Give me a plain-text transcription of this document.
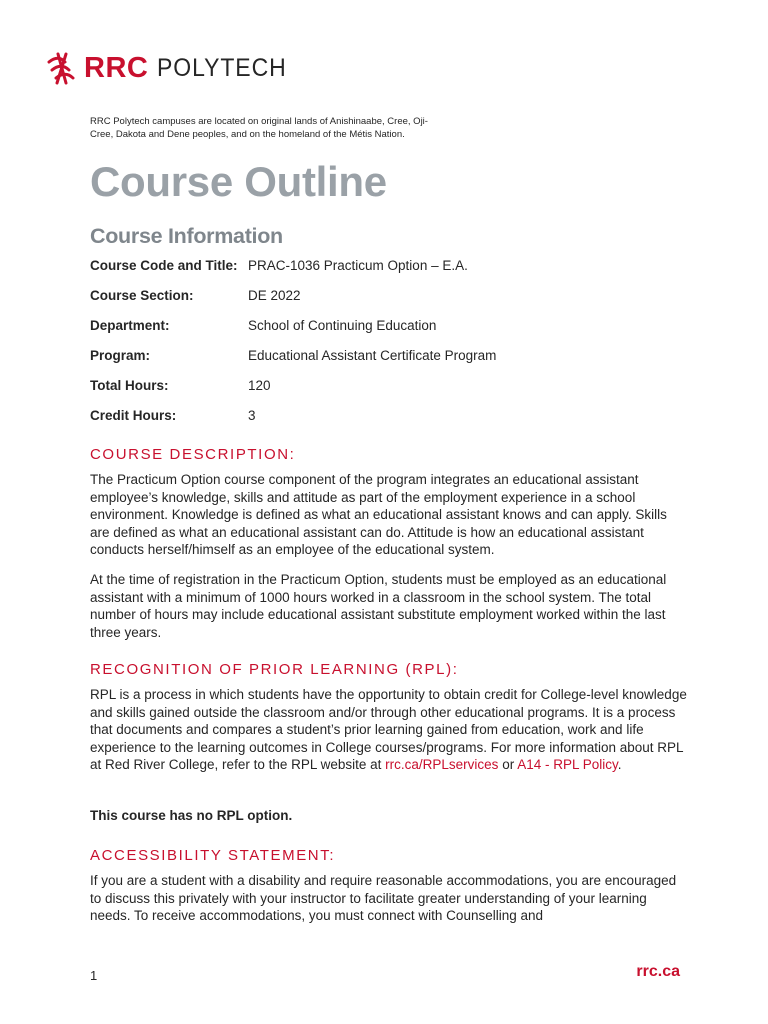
RRC POLYTECH
RRC Polytech campuses are located on original lands of Anishinaabe, Cree, Oji-Cree, Dakota and Dene peoples, and on the homeland of the Métis Nation.
Course Outline
Course Information
Course Code and Title: PRAC-1036 Practicum Option – E.A.
Course Section:	DE 2022
Department:	School of Continuing Education
Program:	Educational Assistant Certificate Program
Total Hours:	120
Credit Hours:	3
COURSE DESCRIPTION:

The Practicum Option course component of the program integrates an educational assistant employee’s knowledge, skills and attitude as part of the employment experience in a school environment. Knowledge is defined as what an educational assistant knows and can apply. Skills are defined as what an educational assistant can do. Attitude is how an educational assistant conducts herself/himself as an employee of the educational system.

At the time of registration in the Practicum Option, students must be employed as an educational assistant with a minimum of 1000 hours worked in a classroom in the school system. The total number of hours may include educational assistant substitute employment worked within the last three years.

RECOGNITION OF PRIOR LEARNING (RPL):

RPL is a process in which students have the opportunity to obtain credit for College-level knowledge and skills gained outside the classroom and/or through other educational programs. It is a process that documents and compares a student’s prior learning gained from education, work and life experience to the learning outcomes in College courses/programs. For more information about RPL at Red River College, refer to the RPL website at rrc.ca/RPLservices or A14 - RPL Policy.

This course has no RPL option.
ACCESSIBILITY STATEMENT:

If you are a student with a disability and require reasonable accommodations, you are encouraged to discuss this privately with your instructor to facilitate greater understanding of your learning needs. To receive accommodations, you must connect with Counselling and

1	rrc.ca
